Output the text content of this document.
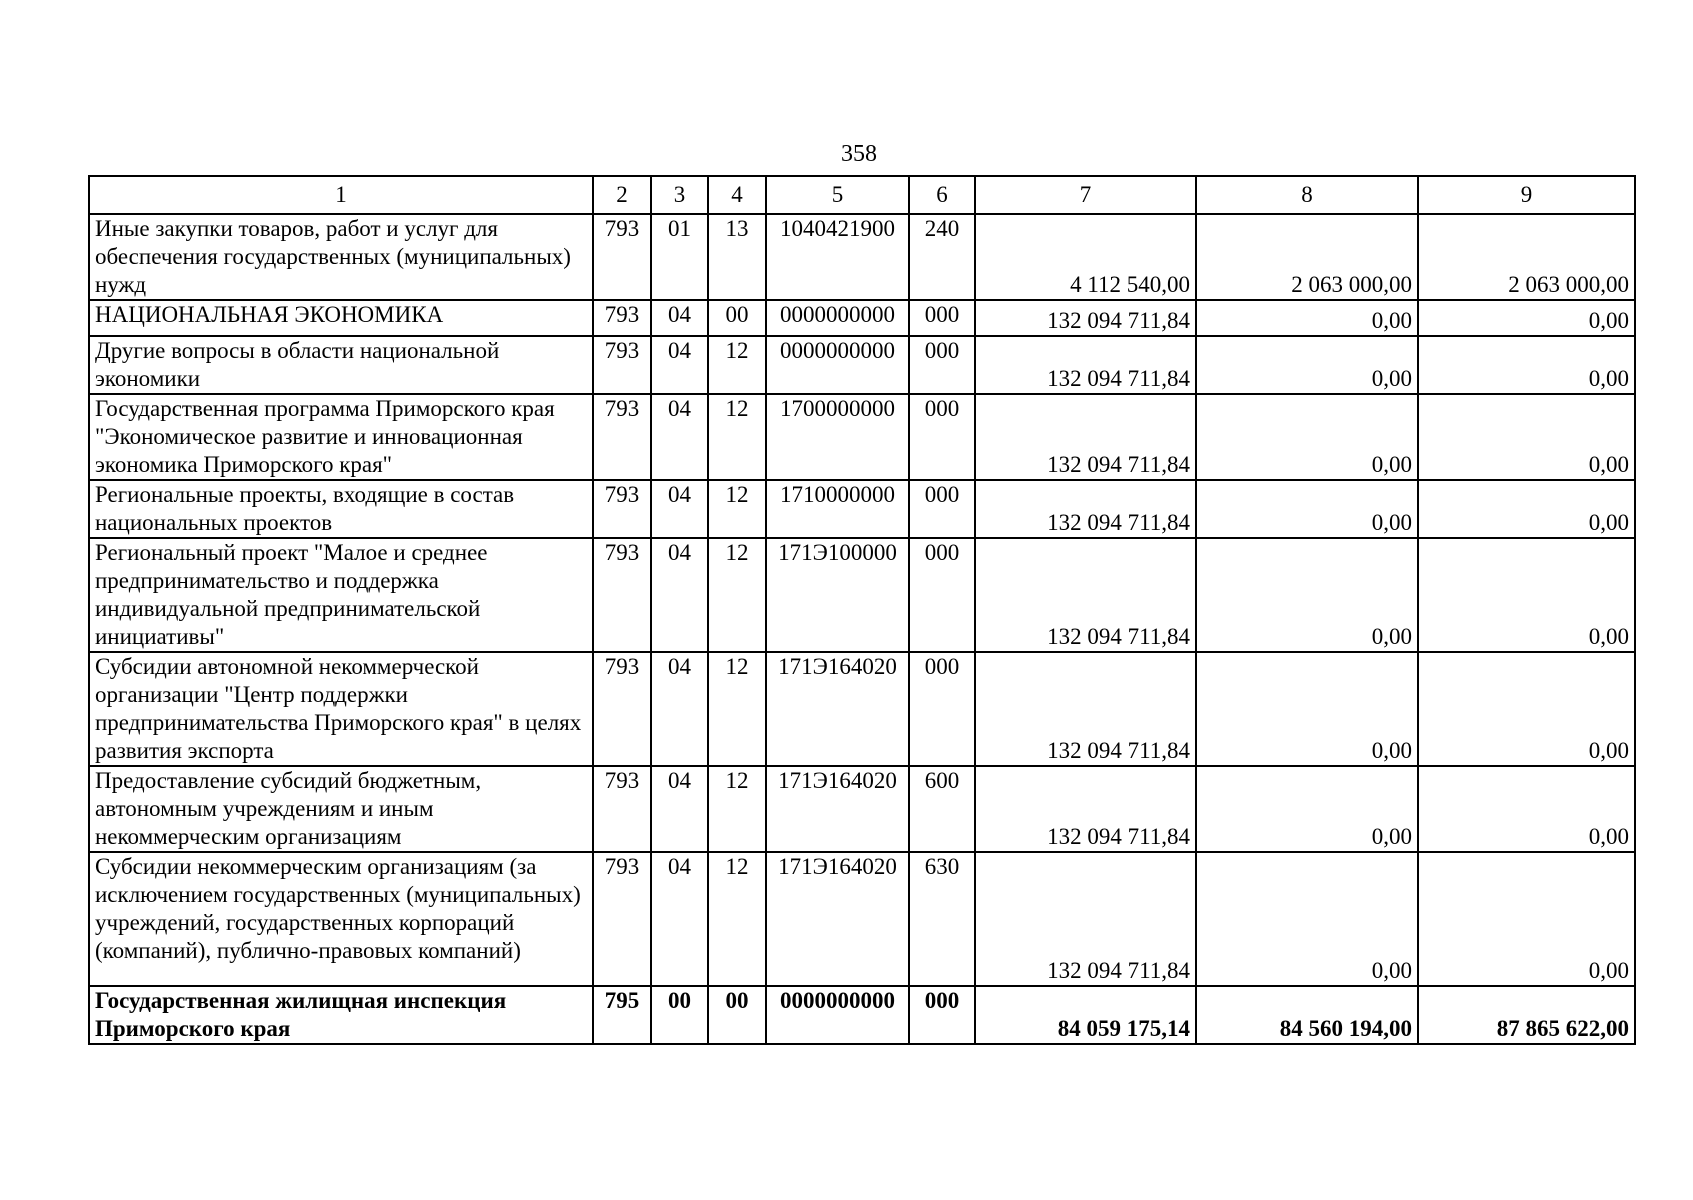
358
1	2	3	4	5	6	7	8	9
Иные закупки товаров, работ и услуг для обеспечения государственных (муниципальных) нужд	793	01	13	1040421900	240	4 112 540,00	2 063 000,00	2 063 000,00
НАЦИОНАЛЬНАЯ ЭКОНОМИКА	793	04	00	0000000000	000	132 094 711,84	0,00	0,00
Другие вопросы в области национальной экономики	793	04	12	0000000000	000	132 094 711,84	0,00	0,00
Государственная программа Приморского края "Экономическое развитие и инновационная экономика Приморского края"	793	04	12	1700000000	000	132 094 711,84	0,00	0,00
Региональные проекты, входящие в состав национальных проектов	793	04	12	1710000000	000	132 094 711,84	0,00	0,00
Региональный проект "Малое и среднее предпринимательство и поддержка индивидуальной предпринимательской инициативы"	793	04	12	171Э100000	000	132 094 711,84	0,00	0,00
Субсидии автономной некоммерческой организации "Центр поддержки предпринимательства Приморского края" в целях развития экспорта	793	04	12	171Э164020	000	132 094 711,84	0,00	0,00
Предоставление субсидий бюджетным, автономным учреждениям и иным некоммерческим организациям	793	04	12	171Э164020	600	132 094 711,84	0,00	0,00
Субсидии некоммерческим организациям (за исключением государственных (муниципальных) учреждений, государственных корпораций (компаний), публично-правовых компаний)	793	04	12	171Э164020	630	132 094 711,84	0,00	0,00
Государственная жилищная инспекция Приморского края	795	00	00	0000000000	000	84 059 175,14	84 560 194,00	87 865 622,00
